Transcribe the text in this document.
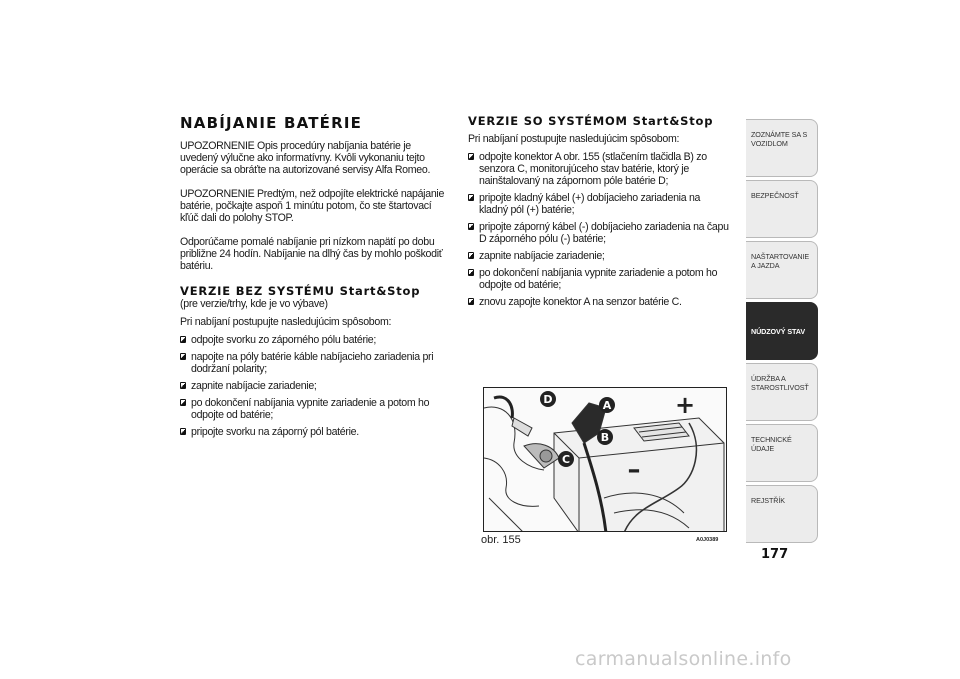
NABÍJANIE BATÉRIE

UPOZORNENIE Opis procedúry nabíjania batérie je uvedený výlučne ako informatívny. Kvôli vykonaniu tejto operácie sa obráťte na autorizované servisy Alfa Romeo.

UPOZORNENIE Predtým, než odpojíte elektrické napájanie batérie, počkajte aspoň 1 minútu potom, čo ste štartovací kľúč dali do polohy STOP.

Odporúčame pomalé nabíjanie pri nízkom napätí po dobu približne 24 hodín. Nabíjanie na dlhý čas by mohlo poškodiť batériu.

VERZIE BEZ SYSTÉMU Start&Stop

(pre verzie/trhy, kde je vo výbave)

Pri nabíjaní postupujte nasledujúcim spôsobom:

odpojte svorku zo záporného pólu batérie;
napojte na póly batérie káble nabíjacieho zariadenia pri dodržaní polarity;
zapnite nabíjacie zariadenie;
po dokončení nabíjania vypnite zariadenie a potom ho odpojte od batérie;
pripojte svorku na záporný pól batérie.
VERZIE SO SYSTÉMOM Start&Stop

Pri nabíjaní postupujte nasledujúcim spôsobom:

odpojte konektor A obr. 155 (stlačením tlačidla B) zo senzora C, monitorujúceho stav batérie, ktorý je nainštalovaný na zápornom póle batérie D;
pripojte kladný kábel (+) dobíjacieho zariadenia na kladný pól (+) batérie;
pripojte záporný kábel (-) dobíjacieho zariadenia na čapu D záporného pólu (-) batérie;
zapnite nabíjacie zariadenie;
po dokončení nabíjania vypnite zariadenie a potom ho odpojte od batérie;
znovu zapojte konektor A na senzor batérie C.
D	A
B
C
+
–
obr. 155	A0J0389
ZOZNÁMTE SA S VOZIDLOM
BEZPEČNOSŤ
NAŠTARTOVANIE A JAZDA
NÚDZOVÝ STAV
ÚDRŽBA A STAROSTLIVOSŤ
TECHNICKÉ ÚDAJE
REJSTŘÍK
177
carmanualsonline.info
